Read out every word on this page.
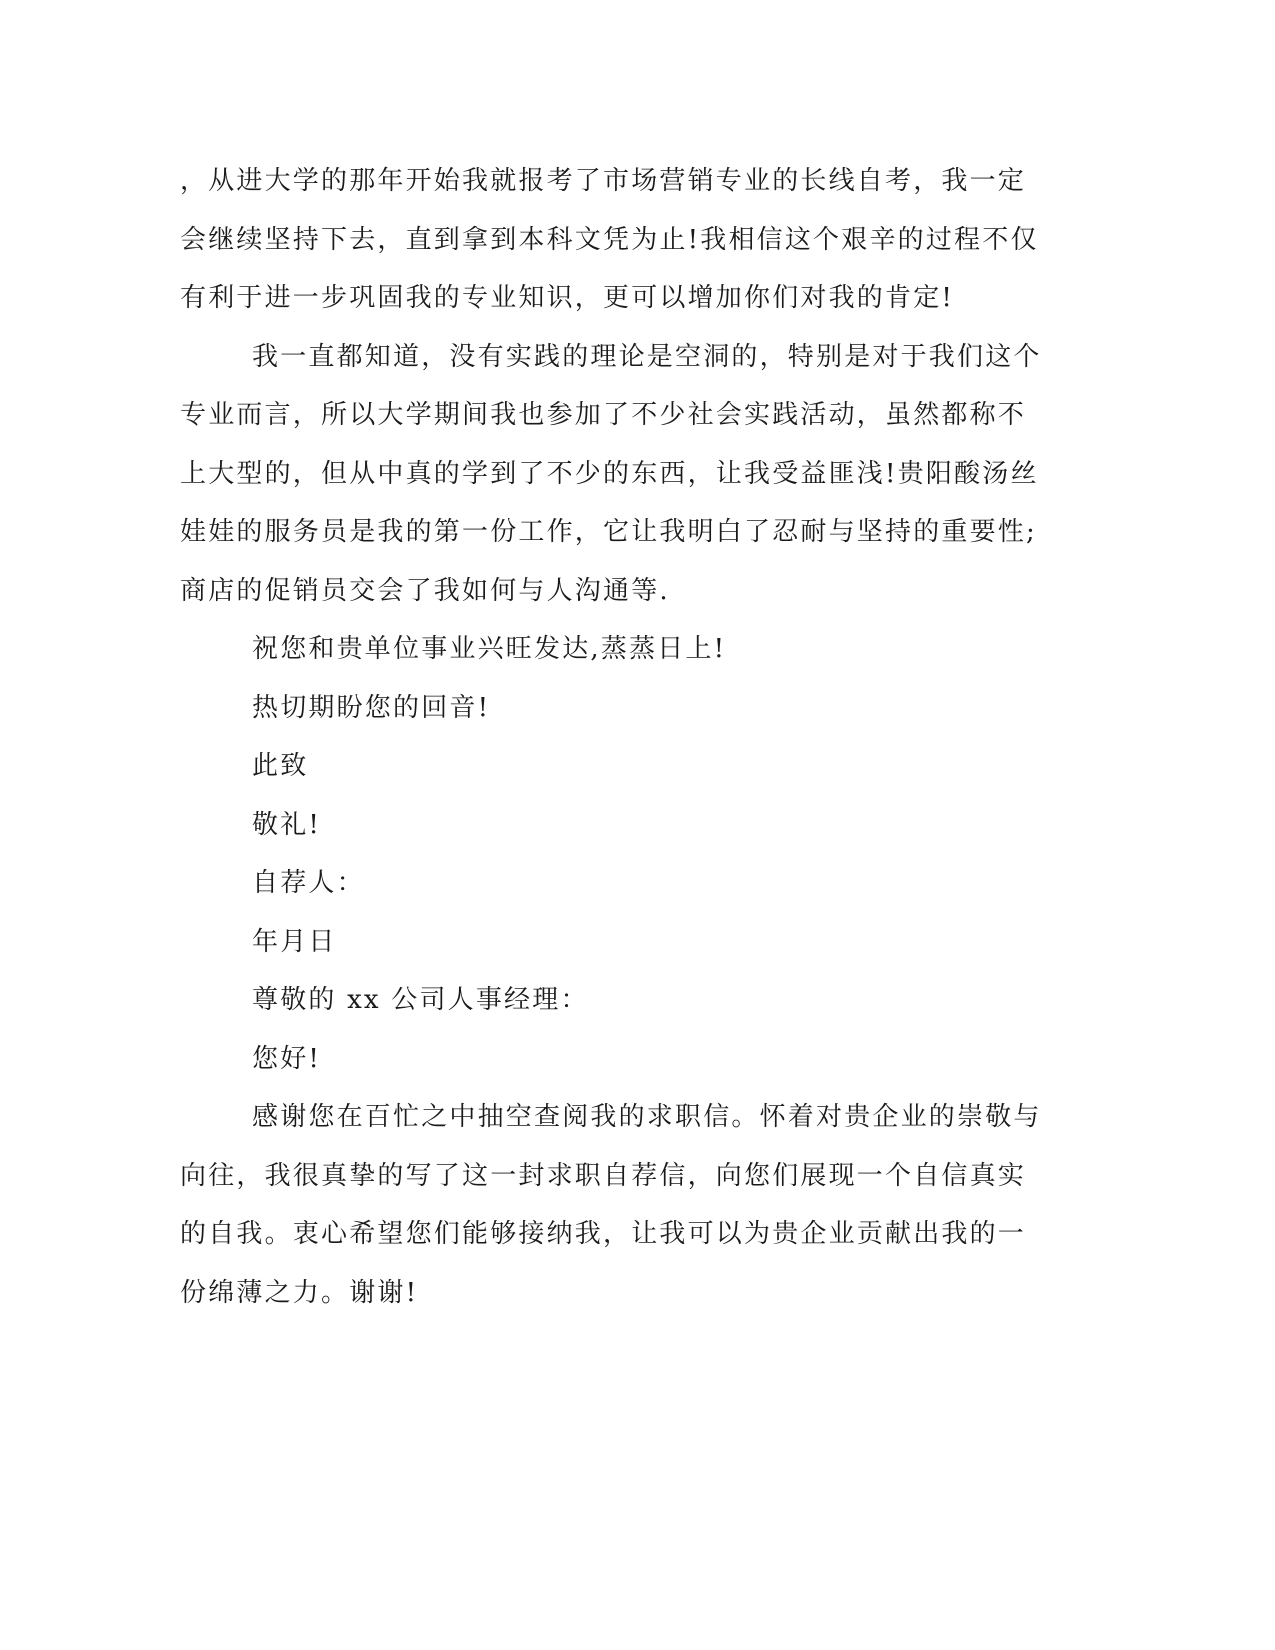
，从进大学的那年开始我就报考了市场营销专业的长线自考，我一定

会继续坚持下去，直到拿到本科文凭为止!我相信这个艰辛的过程不仅

有利于进一步巩固我的专业知识，更可以增加你们对我的肯定!

我一直都知道，没有实践的理论是空洞的，特别是对于我们这个

专业而言，所以大学期间我也参加了不少社会实践活动，虽然都称不

上大型的，但从中真的学到了不少的东西，让我受益匪浅!贵阳酸汤丝

娃娃的服务员是我的第一份工作，它让我明白了忍耐与坚持的重要性;

商店的促销员交会了我如何与人沟通等.

祝您和贵单位事业兴旺发达,蒸蒸日上!

热切期盼您的回音!

此致

敬礼!

自荐人：

年月日

尊敬的 xx 公司人事经理：

您好!

感谢您在百忙之中抽空查阅我的求职信。怀着对贵企业的崇敬与

向往，我很真挚的写了这一封求职自荐信，向您们展现一个自信真实

的自我。衷心希望您们能够接纳我，让我可以为贵企业贡献出我的一

份绵薄之力。谢谢!
